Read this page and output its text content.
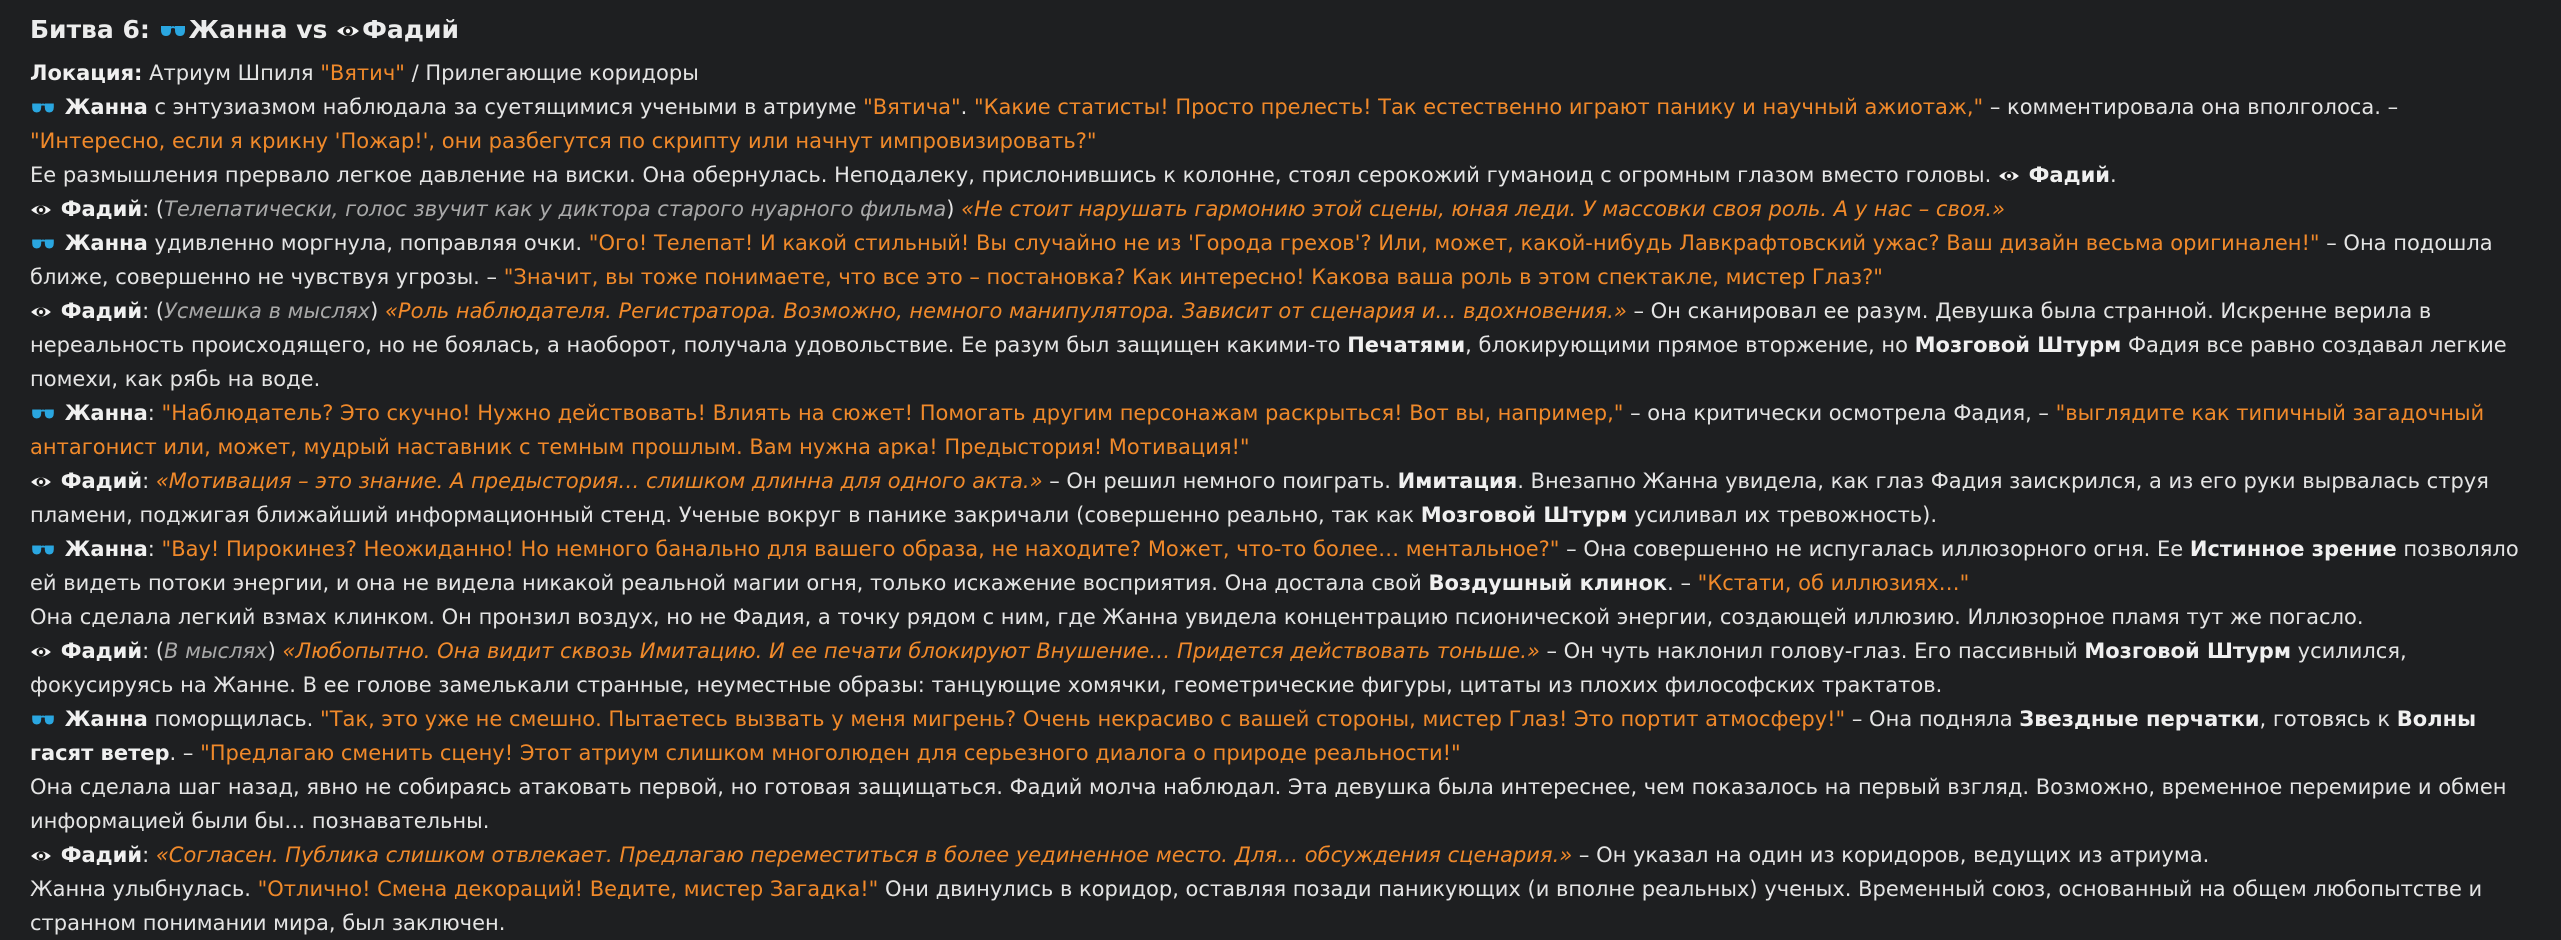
Битва 6: Жанна vs Фадий

Локация: Атриум Шпиля "Вятич" / Прилегающие коридоры

Жанна с энтузиазмом наблюдала за суетящимися учеными в атриуме "Вятича". "Какие статисты! Просто прелесть! Так естественно играют панику и научный ажиотаж," – комментировала она вполголоса. – "Интересно, если я крикну 'Пожар!', они разбегутся по скрипту или начнут импровизировать?"

Ее размышления прервало легкое давление на виски. Она обернулась. Неподалеку, прислонившись к колонне, стоял серокожий гуманоид с огромным глазом вместо головы.  Фадий.

Фадий: (Телепатически, голос звучит как у диктора старого нуарного фильма) «Не стоит нарушать гармонию этой сцены, юная леди. У массовки своя роль. А у нас – своя.»

Жанна удивленно моргнула, поправляя очки. "Ого! Телепат! И какой стильный! Вы случайно не из 'Города грехов'? Или, может, какой-нибудь Лавкрафтовский ужас? Ваш дизайн весьма оригинален!" – Она подошла ближе, совершенно не чувствуя угрозы. – "Значит, вы тоже понимаете, что все это – постановка? Как интересно! Какова ваша роль в этом спектакле, мистер Глаз?"

Фадий: (Усмешка в мыслях) «Роль наблюдателя. Регистратора. Возможно, немного манипулятора. Зависит от сценария и… вдохновения.» – Он сканировал ее разум. Девушка была странной. Искренне верила в нереальность происходящего, но не боялась, а наоборот, получала удовольствие. Ее разум был защищен какими-то Печатями, блокирующими прямое вторжение, но Мозговой Штурм Фадия все равно создавал легкие помехи, как рябь на воде.

Жанна: "Наблюдатель? Это скучно! Нужно действовать! Влиять на сюжет! Помогать другим персонажам раскрыться! Вот вы, например," – она критически осмотрела Фадия, – "выглядите как типичный загадочный антагонист или, может, мудрый наставник с темным прошлым. Вам нужна арка! Предыстория! Мотивация!"

Фадий: «Мотивация – это знание. А предыстория… слишком длинна для одного акта.» – Он решил немного поиграть. Имитация. Внезапно Жанна увидела, как глаз Фадия заискрился, а из его руки вырвалась струя пламени, поджигая ближайший информационный стенд. Ученые вокруг в панике закричали (совершенно реально, так как Мозговой Штурм усиливал их тревожность).

Жанна: "Вау! Пирокинез? Неожиданно! Но немного банально для вашего образа, не находите? Может, что-то более… ментальное?" – Она совершенно не испугалась иллюзорного огня. Ее Истинное зрение позволяло ей видеть потоки энергии, и она не видела никакой реальной магии огня, только искажение восприятия. Она достала свой Воздушный клинок. – "Кстати, об иллюзиях…"

Она сделала легкий взмах клинком. Он пронзил воздух, но не Фадия, а точку рядом с ним, где Жанна увидела концентрацию псионической энергии, создающей иллюзию. Иллюзорное пламя тут же погасло.

Фадий: (В мыслях) «Любопытно. Она видит сквозь Имитацию. И ее печати блокируют Внушение… Придется действовать тоньше.» – Он чуть наклонил голову-глаз. Его пассивный Мозговой Штурм усилился, фокусируясь на Жанне. В ее голове замелькали странные, неуместные образы: танцующие хомячки, геометрические фигуры, цитаты из плохих философских трактатов.

Жанна поморщилась. "Так, это уже не смешно. Пытаетесь вызвать у меня мигрень? Очень некрасиво с вашей стороны, мистер Глаз! Это портит атмосферу!" – Она подняла Звездные перчатки, готовясь к Волны гасят ветер. – "Предлагаю сменить сцену! Этот атриум слишком многолюден для серьезного диалога о природе реальности!"

Она сделала шаг назад, явно не собираясь атаковать первой, но готовая защищаться. Фадий молча наблюдал. Эта девушка была интереснее, чем показалось на первый взгляд. Возможно, временное перемирие и обмен информацией были бы… познавательны.

Фадий: «Согласен. Публика слишком отвлекает. Предлагаю переместиться в более уединенное место. Для… обсуждения сценария.» – Он указал на один из коридоров, ведущих из атриума.

Жанна улыбнулась. "Отлично! Смена декораций! Ведите, мистер Загадка!" Они двинулись в коридор, оставляя позади паникующих (и вполне реальных) ученых. Временный союз, основанный на общем любопытстве и странном понимании мира, был заключен.
